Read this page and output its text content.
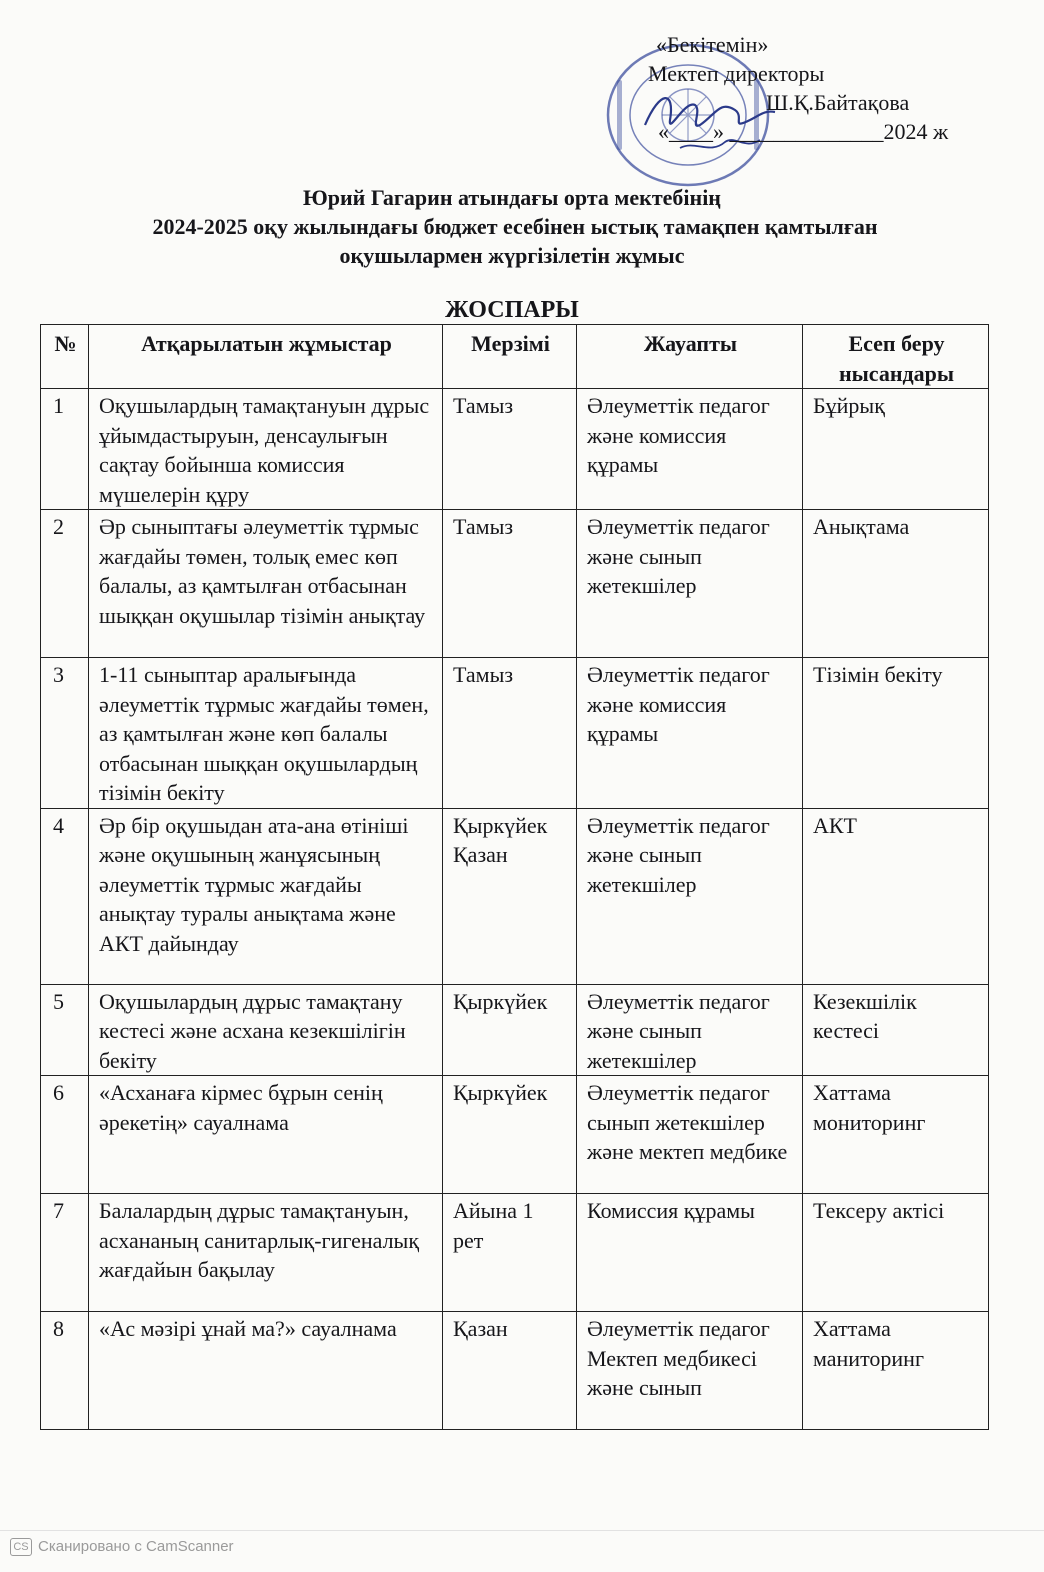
«Бекітемін»
Мектеп директоры
Ш.Қ.Байтақова
«____» ______________2024 ж
Юрий Гагарин атындағы орта мектебінің
2024-2025 оқу жылындағы бюджет есебінен ыстық тамақпен қамтылған
оқушылармен жүргізілетін жұмыс
ЖОСПАРЫ
№	Атқарылатын жұмыстар	Мерзімі	Жауапты	Есеп беру нысандары
1	Оқушылардың тамақтануын дұрыс ұйымдастыруын, денсаулығын сақтау бойынша комиссия мүшелерін құру	Тамыз	Әлеуметтік педагог және комиссия құрамы	Бұйрық
2	Әр сыныптағы әлеуметтік тұрмыс жағдайы төмен, толық емес көп балалы, аз қамтылған отбасынан шыққан оқушылар тізімін анықтау	Тамыз	Әлеуметтік педагог және сынып жетекшілер	Анықтама
3	1-11 сыныптар аралығында әлеуметтік тұрмыс жағдайы төмен, аз қамтылған және көп балалы отбасынан шыққан оқушылардың тізімін бекіту	Тамыз	Әлеуметтік педагог және комиссия құрамы	Тізімін бекіту
4	Әр бір оқушыдан ата-ана өтініші және оқушының жанұясының әлеуметтік тұрмыс жағдайы анықтау туралы анықтама және АКТ дайындау	Қыркүйек Қазан	Әлеуметтік педагог және сынып жетекшілер	АКТ
5	Оқушылардың дұрыс тамақтану кестесі және асхана кезекшілігін бекіту	Қыркүйек	Әлеуметтік педагог және сынып жетекшілер	Кезекшілік кестесі
6	«Асханаға кірмес бұрын сенің әрекетің» сауалнама	Қыркүйек	Әлеуметтік педагог сынып жетекшілер және мектеп медбике	Хаттама мониторинг
7	Балалардың дұрыс тамақтануын, асхананың санитарлық-гигеналық жағдайын бақылау	Айына 1 рет	Комиссия құрамы	Тексеру актісі
8	«Ас мәзірі ұнай ма?» сауалнама	Қазан	Әлеуметтік педагог Мектеп медбикесі және сынып	Хаттама маниторинг
CS Сканировано с CamScanner
